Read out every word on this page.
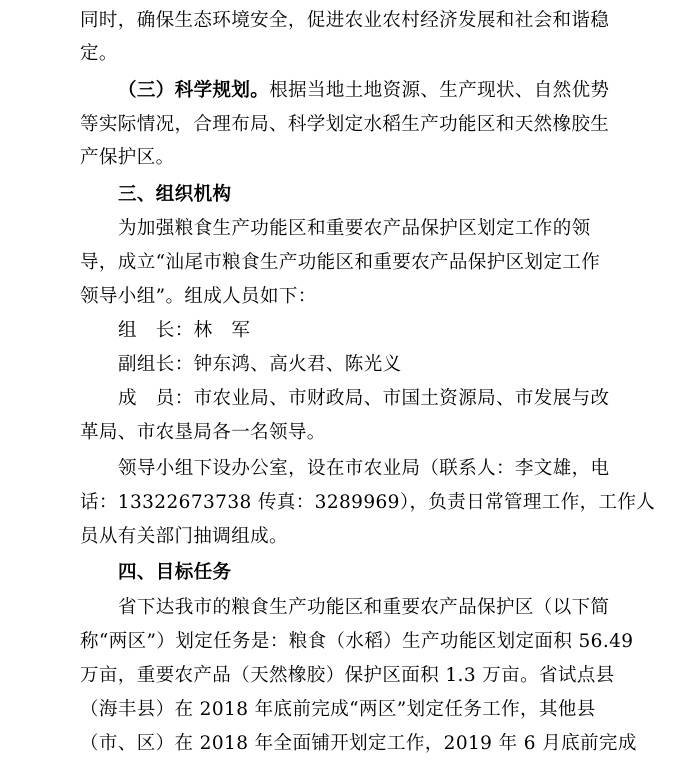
同时，确保生态环境安全，促进农业农村经济发展和社会和谐稳
定。
（三）科学规划。根据当地土地资源、生产现状、自然优势
等实际情况，合理布局、科学划定水稻生产功能区和天然橡胶生
产保护区。
三、组织机构
为加强粮食生产功能区和重要农产品保护区划定工作的领
导，成立“汕尾市粮食生产功能区和重要农产品保护区划定工作
领导小组”。组成人员如下：
组　长：林　军
副组长：钟东鸿、高火君、陈光义
成　员：市农业局、市财政局、市国土资源局、市发展与改
革局、市农垦局各一名领导。
领导小组下设办公室，设在市农业局（联系人：李文雄，电
话：13322673738 传真：3289969），负责日常管理工作，工作人
员从有关部门抽调组成。
四、目标任务
省下达我市的粮食生产功能区和重要农产品保护区（以下简
称“两区”）划定任务是：粮食（水稻）生产功能区划定面积 56.49
万亩，重要农产品（天然橡胶）保护区面积 1.3 万亩。省试点县
（海丰县）在 2018 年底前完成“两区”划定任务工作，其他县
（市、区）在 2018 年全面铺开划定工作，2019 年 6 月底前完成
